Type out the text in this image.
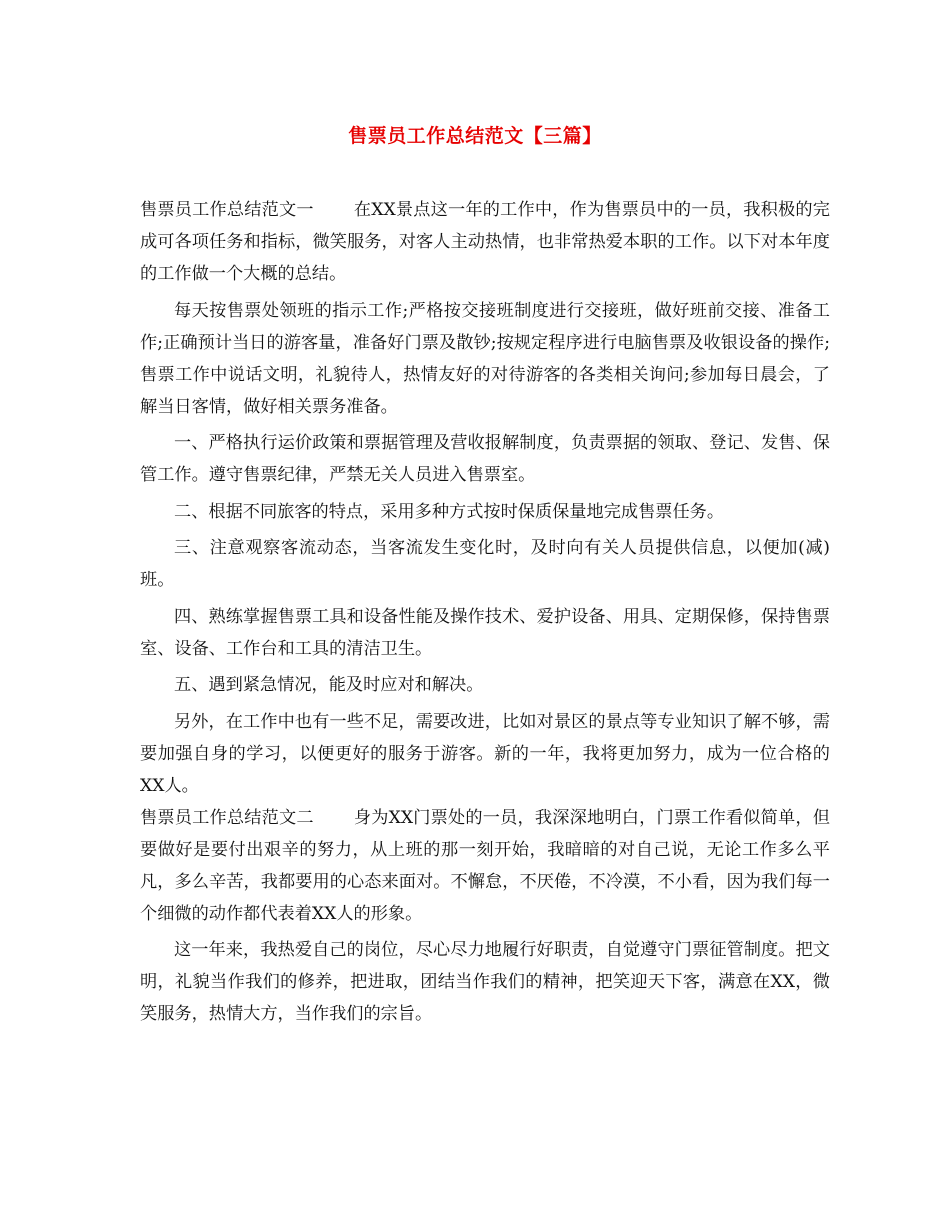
售票员工作总结范文【三篇】

售票员工作总结范文一 在XX景点这一年的工作中，作为售票员中的一员，我积极的完成可各项任务和指标，微笑服务，对客人主动热情，也非常热爱本职的工作。以下对本年度的工作做一个大概的总结。

每天按售票处领班的指示工作;严格按交接班制度进行交接班，做好班前交接、准备工作;正确预计当日的游客量，准备好门票及散钞;按规定程序进行电脑售票及收银设备的操作;售票工作中说话文明，礼貌待人，热情友好的对待游客的各类相关询问;参加每日晨会，了解当日客情，做好相关票务准备。

一、严格执行运价政策和票据管理及营收报解制度，负责票据的领取、登记、发售、保管工作。遵守售票纪律，严禁无关人员进入售票室。

二、根据不同旅客的特点，采用多种方式按时保质保量地完成售票任务。

三、注意观察客流动态，当客流发生变化时，及时向有关人员提供信息，以便加(减)班。

四、熟练掌握售票工具和设备性能及操作技术、爱护设备、用具、定期保修，保持售票室、设备、工作台和工具的清洁卫生。

五、遇到紧急情况，能及时应对和解决。

另外，在工作中也有一些不足，需要改进，比如对景区的景点等专业知识了解不够，需要加强自身的学习，以便更好的服务于游客。新的一年，我将更加努力，成为一位合格的XX人。

售票员工作总结范文二 身为XX门票处的一员，我深深地明白，门票工作看似简单，但要做好是要付出艰辛的努力，从上班的那一刻开始，我暗暗的对自己说，无论工作多么平凡，多么辛苦，我都要用的心态来面对。不懈怠，不厌倦，不冷漠，不小看，因为我们每一个细微的动作都代表着XX人的形象。

这一年来，我热爱自己的岗位，尽心尽力地履行好职责，自觉遵守门票征管制度。把文明，礼貌当作我们的修养，把进取，团结当作我们的精神，把笑迎天下客，满意在XX，微笑服务，热情大方，当作我们的宗旨。
